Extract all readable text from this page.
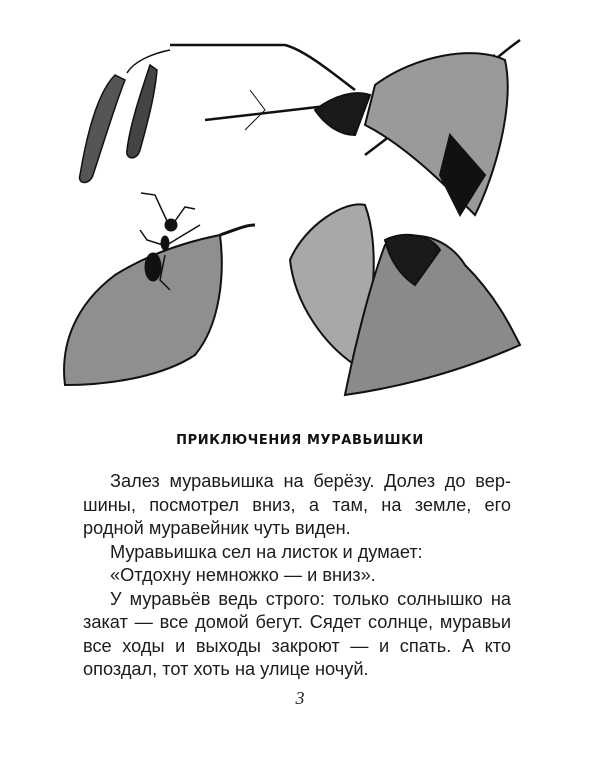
ПРИКЛЮЧЕНИЯ МУРАВЬИШКИ
Залез муравьишка на берёзу. Долез до вер-
шины, посмотрел вниз, а там, на земле, его
родной муравейник чуть виден.
Муравьишка сел на листок и думает:
«Отдохну немножко — и вниз».
У муравьёв ведь строго: только солнышко на
закат — все домой бегут. Сядет солнце, муравьи
все ходы и выходы закроют — и спать. А кто
опоздал, тот хоть на улице ночуй.
3
